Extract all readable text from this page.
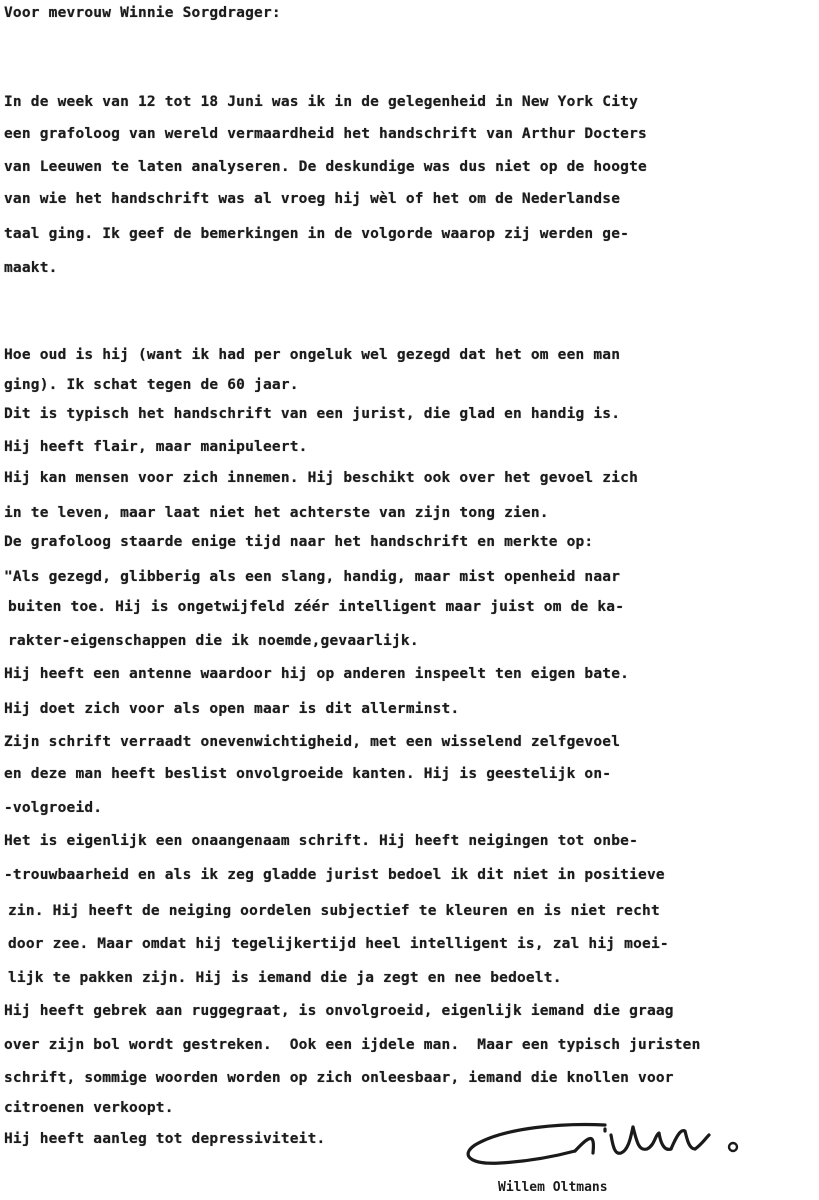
Voor mevrouw Winnie Sorgdrager:
In de week van 12 tot 18 Juni was ik in de gelegenheid in New York City
een grafoloog van wereld vermaardheid het handschrift van Arthur Docters
van Leeuwen te laten analyseren. De deskundige was dus niet op de hoogte
van wie het handschrift was al vroeg hij wèl of het om de Nederlandse
taal ging. Ik geef de bemerkingen in de volgorde waarop zij werden ge-
maakt.
Hoe oud is hij (want ik had per ongeluk wel gezegd dat het om een man
ging). Ik schat tegen de 60 jaar.
Dit is typisch het handschrift van een jurist, die glad en handig is.
Hij heeft flair, maar manipuleert.
Hij kan mensen voor zich innemen. Hij beschikt ook over het gevoel zich
in te leven, maar laat niet het achterste van zijn tong zien.
De grafoloog staarde enige tijd naar het handschrift en merkte op:
"Als gezegd, glibberig als een slang, handig, maar mist openheid naar
buiten toe. Hij is ongetwijfeld zéér intelligent maar juist om de ka-
rakter-eigenschappen die ik noemde,gevaarlijk.
Hij heeft een antenne waardoor hij op anderen inspeelt ten eigen bate.
Hij doet zich voor als open maar is dit allerminst.
Zijn schrift verraadt onevenwichtigheid, met een wisselend zelfgevoel
en deze man heeft beslist onvolgroeide kanten. Hij is geestelijk on-
-volgroeid.
Het is eigenlijk een onaangenaam schrift. Hij heeft neigingen tot onbe-
-trouwbaarheid en als ik zeg gladde jurist bedoel ik dit niet in positieve
zin. Hij heeft de neiging oordelen subjectief te kleuren en is niet recht
door zee. Maar omdat hij tegelijkertijd heel intelligent is, zal hij moei-
lijk te pakken zijn. Hij is iemand die ja zegt en nee bedoelt.
Hij heeft gebrek aan ruggegraat, is onvolgroeid, eigenlijk iemand die graag
over zijn bol wordt gestreken.  Ook een ijdele man.  Maar een typisch juristen
schrift, sommige woorden worden op zich onleesbaar, iemand die knollen voor
citroenen verkoopt.
Hij heeft aanleg tot depressiviteit.
Willem Oltmans
